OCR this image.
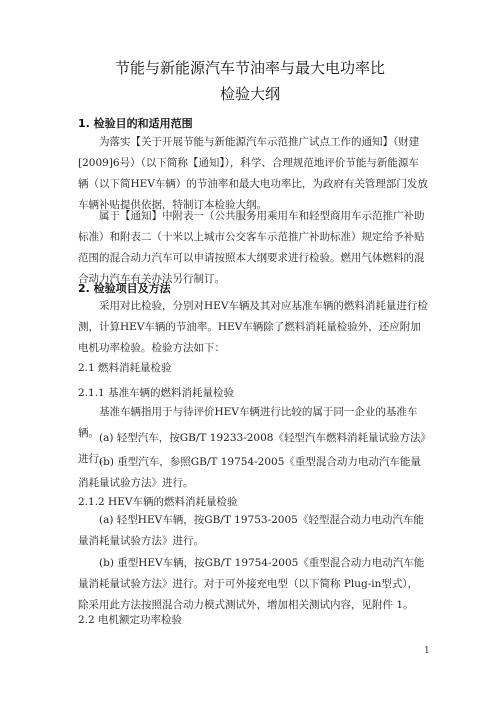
节能与新能源汽车节油率与最大电功率比
检验大纲
1. 检验目的和适用范围
为落实【关于开展节能与新能源汽车示范推广试点工作的通知】（财建[2009]6号）（以下简称【通知】），科学、合理规范地评价节能与新能源车辆（以下简HEV车辆）的节油率和最大电功率比，为政府有关管理部门发放车辆补贴提供依据，特制订本检验大纲。
属于【通知】中附表一（公共服务用乘用车和轻型商用车示范推广补助标准）和附表二（十米以上城市公交客车示范推广补助标准）规定给予补贴范围的混合动力汽车可以申请按照本大纲要求进行检验。燃用气体燃料的混合动力汽车有关办法另行制订。
2. 检验项目及方法
采用对比检验，分别对HEV车辆及其对应基准车辆的燃料消耗量进行检测，计算HEV车辆的节油率。HEV车辆除了燃料消耗量检验外，还应附加电机功率检验。检验方法如下：
2.1 燃料消耗量检验
2.1.1 基准车辆的燃料消耗量检验
基准车辆指用于与待评价HEV车辆进行比较的属于同一企业的基准车辆。 (a) 轻型汽车，按GB/T 19233-2008《轻型汽车燃料消耗量试验方法》进行。
(b) 重型汽车，参照GB/T 19754-2005《重型混合动力电动汽车能量消耗量试验方法》进行。
2.1.2 HEV车辆的燃料消耗量检验
(a) 轻型HEV车辆，按GB/T 19753-2005《轻型混合动力电动汽车能量消耗量试验方法》进行。
(b) 重型HEV车辆，按GB/T 19754-2005《重型混合动力电动汽车能量消耗量试验方法》进行。对于可外接充电型（以下简称 Plug-in型式），除采用此方法按照混合动力模式测试外，增加相关测试内容，见附件 1。
2.2 电机额定功率检验
1
